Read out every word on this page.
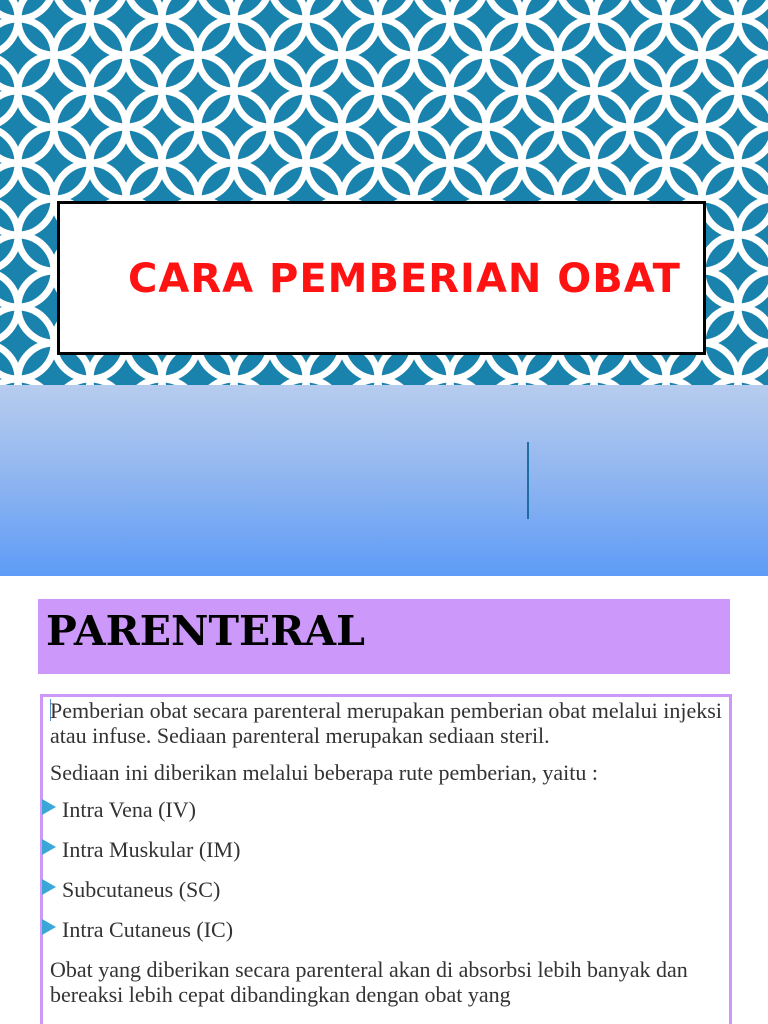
CARA PEMBERIAN OBAT
PARENTERAL

Pemberian obat secara parenteral merupakan pemberian obat melalui injeksi atau infuse. Sediaan parenteral merupakan sediaan steril.

Sediaan ini diberikan melalui beberapa rute pemberian, yaitu :

Intra Vena (IV)
Intra Muskular (IM)
Subcutaneus (SC)
Intra Cutaneus (IC)

Obat yang diberikan secara parenteral akan di absorbsi lebih banyak dan bereaksi lebih cepat dibandingkan dengan obat yang
